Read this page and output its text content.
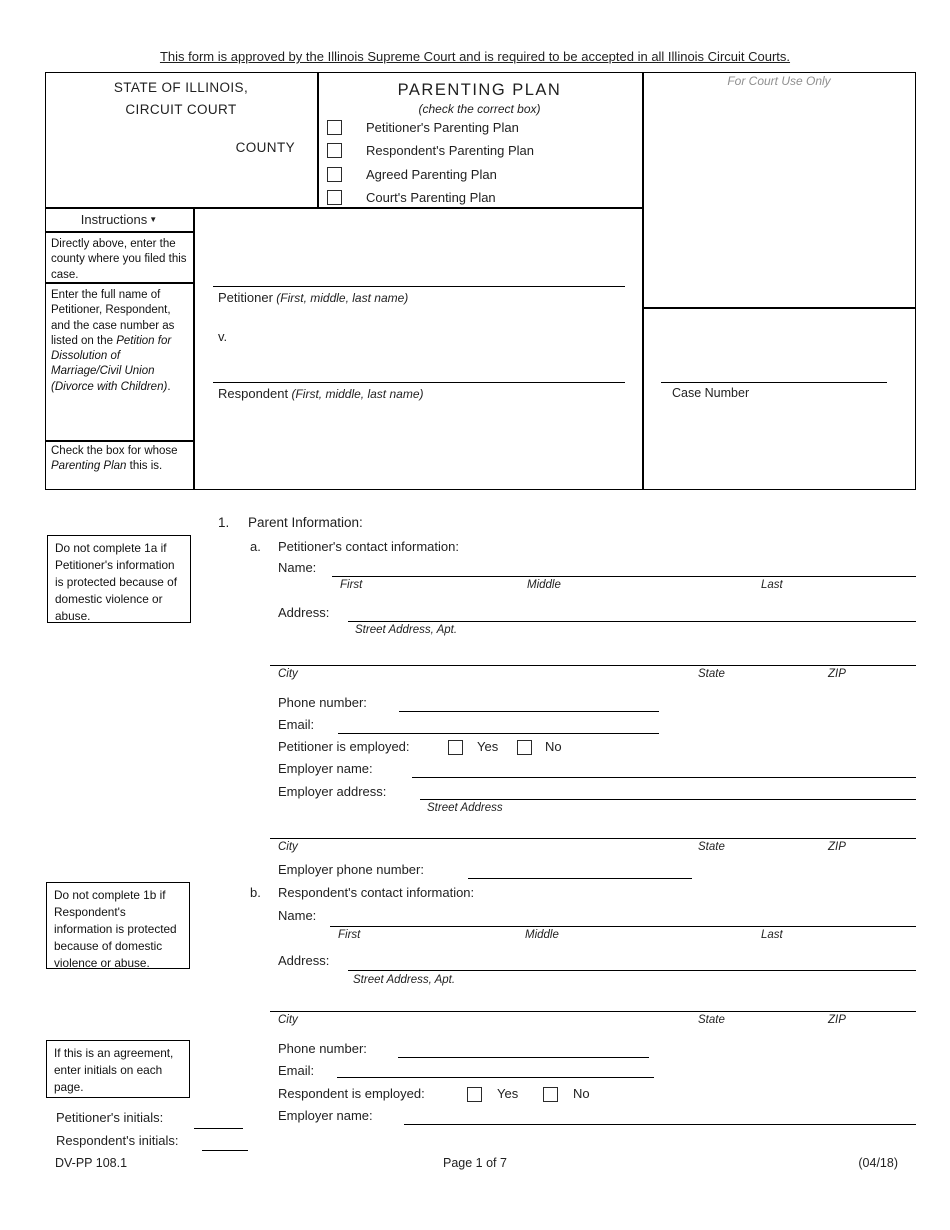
This form is approved by the Illinois Supreme Court and is required to be accepted in all Illinois Circuit Courts.
STATE OF ILLINOIS,
CIRCUIT COURT
COUNTY
PARENTING PLAN
(check the correct box)
Petitioner's Parenting Plan
Respondent's Parenting Plan
Agreed Parenting Plan
Court's Parenting Plan
For Court Use Only
Case Number
Instructions ▼
Directly above, enter the county where you filed this case.
Enter the full name of Petitioner, Respondent, and the case number as listed on the Petition for Dissolution of Marriage/Civil Union (Divorce with Children).
Check the box for whose Parenting Plan this is.
Petitioner (First, middle, last name)
v.
Respondent (First, middle, last name)
1. Parent Information:
Do not complete 1a if Petitioner's information is protected because of domestic violence or abuse.
a. Petitioner's contact information:
Name:
First	Middle	Last
Address:
Street Address, Apt.
City	State	ZIP
Phone number:
Email:
Petitioner is employed:	Yes	No
Employer name:
Employer address:
Street Address
City	State	ZIP
Employer phone number:
Do not complete 1b if Respondent's information is protected because of domestic violence or abuse.
b. Respondent's contact information:
Name:
First	Middle	Last
Address:
Street Address, Apt.
City	State	ZIP
If this is an agreement, enter initials on each page.
Phone number:
Email:
Respondent is employed:	Yes	No
Employer name:
Petitioner's initials:
Respondent's initials:
DV-PP 108.1	Page 1 of 7	(04/18)
